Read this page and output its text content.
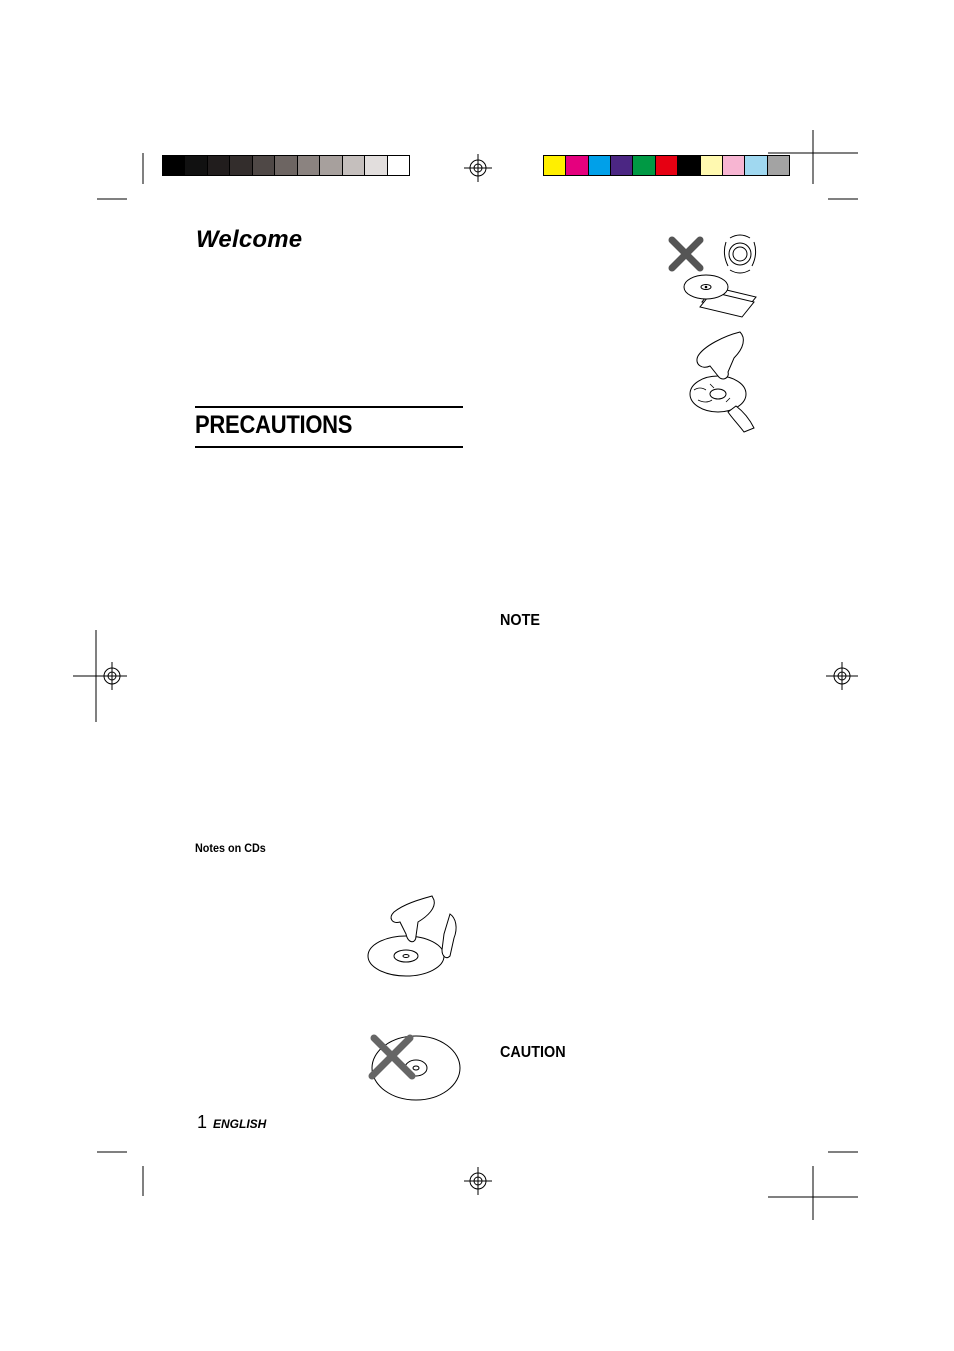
Welcome
PRECAUTIONS
Notes on CDs
NOTE
CAUTION
1 ENGLISH
